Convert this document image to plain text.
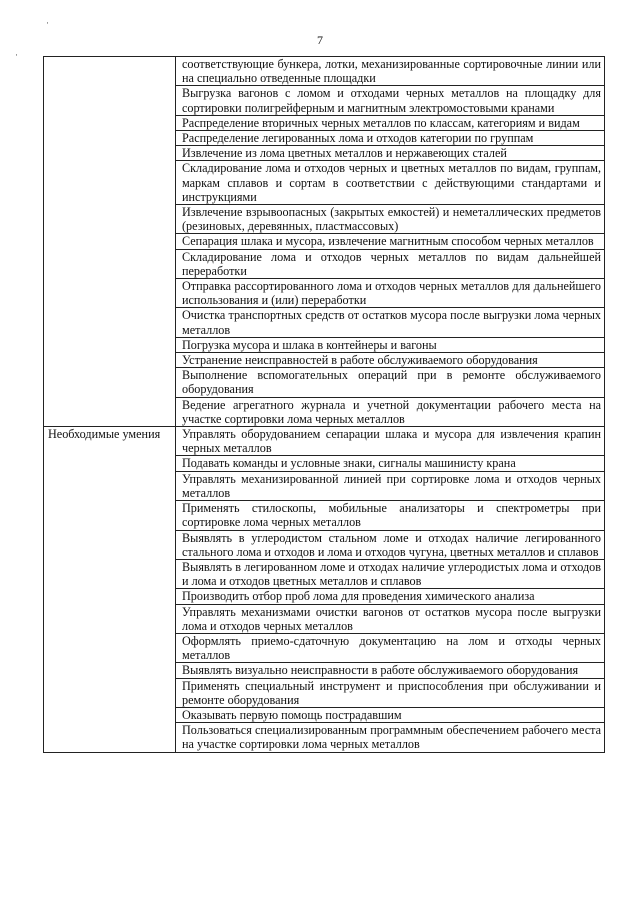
·
·
7
	соответствующие бункера, лотки, механизированные сортировочные линии или на специально отведенные площадки
	Выгрузка вагонов с ломом и отходами черных металлов на площадку для сортировки полигрейферным и магнитным электромостовыми кранами
	Распределение вторичных черных металлов по классам, категориям и видам
	Распределение легированных лома и отходов категории по группам
	Извлечение из лома цветных металлов и нержавеющих сталей
	Складирование лома и отходов черных и цветных металлов по видам, группам, маркам сплавов и сортам в соответствии с действующими стандартами и инструкциями
	Извлечение взрывоопасных (закрытых емкостей) и неметаллических предметов (резиновых, деревянных, пластмассовых)
	Сепарация шлака и мусора, извлечение магнитным способом черных металлов
	Складирование лома и отходов черных металлов по видам дальнейшей переработки
	Отправка рассортированного лома и отходов черных металлов для дальнейшего использования и (или) переработки
	Очистка транспортных средств от остатков мусора после выгрузки лома черных металлов
	Погрузка мусора и шлака в контейнеры и вагоны
	Устранение неисправностей в работе обслуживаемого оборудования
	Выполнение вспомогательных операций при в ремонте обслуживаемого оборудования
	Ведение агрегатного журнала и учетной документации рабочего места на участке сортировки лома черных металлов
Необходимые умения	Управлять оборудованием сепарации шлака и мусора для извлечения крапин черных металлов
	Подавать команды и условные знаки, сигналы машинисту крана
	Управлять механизированной линией при сортировке лома и отходов черных металлов
	Применять стилоскопы, мобильные анализаторы и спектрометры при сортировке лома черных металлов
	Выявлять в углеродистом стальном ломе и отходах наличие легированного стального лома и отходов и лома и отходов чугуна, цветных металлов и сплавов
	Выявлять в легированном ломе и отходах наличие углеродистых лома и отходов и лома и отходов цветных металлов и сплавов
	Производить отбор проб лома для проведения химического анализа
	Управлять механизмами очистки вагонов от остатков мусора после выгрузки лома и отходов черных металлов
	Оформлять приемо-сдаточную документацию на лом и отходы черных металлов
	Выявлять визуально неисправности в работе обслуживаемого оборудования
	Применять специальный инструмент и приспособления при обслуживании и ремонте оборудования
	Оказывать первую помощь пострадавшим
	Пользоваться специализированным программным обеспечением рабочего места на участке сортировки лома черных металлов
